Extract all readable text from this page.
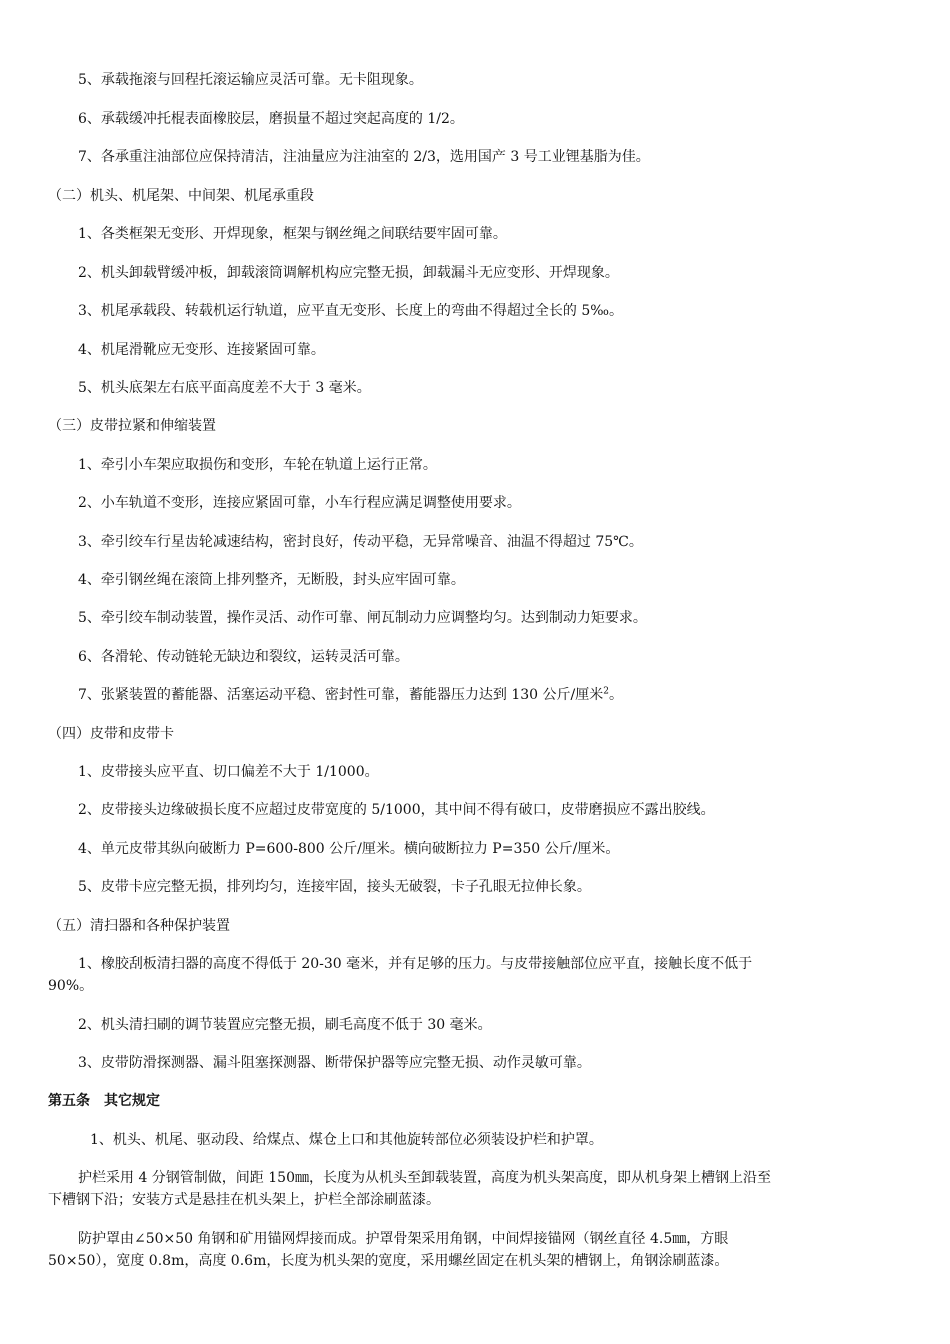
5、承载拖滚与回程托滚运输应灵活可靠。无卡阻现象。
6、承载缓冲托棍表面橡胶层，磨损量不超过突起高度的 1/2。
7、各承重注油部位应保持清洁，注油量应为注油室的 2/3，选用国产 3 号工业锂基脂为佳。
（二）机头、机尾架、中间架、机尾承重段
1、各类框架无变形、开焊现象，框架与钢丝绳之间联结要牢固可靠。
2、机头卸载臂缓冲板，卸载滚筒调解机构应完整无损，卸载漏斗无应变形、开焊现象。
3、机尾承载段、转载机运行轨道，应平直无变形、长度上的弯曲不得超过全长的 5‰。
4、机尾滑靴应无变形、连接紧固可靠。
5、机头底架左右底平面高度差不大于 3 毫米。
（三）皮带拉紧和伸缩装置
1、牵引小车架应取损伤和变形，车轮在轨道上运行正常。
2、小车轨道不变形，连接应紧固可靠，小车行程应满足调整使用要求。
3、牵引绞车行星齿轮减速结构，密封良好，传动平稳，无异常噪音、油温不得超过 75℃。
4、牵引钢丝绳在滚筒上排列整齐，无断股，封头应牢固可靠。
5、牵引绞车制动装置，操作灵活、动作可靠、闸瓦制动力应调整均匀。达到制动力矩要求。
6、各滑轮、传动链轮无缺边和裂纹，运转灵活可靠。
7、张紧装置的蓄能器、活塞运动平稳、密封性可靠，蓄能器压力达到 130 公斤/厘米$^2$。
（四）皮带和皮带卡
1、皮带接头应平直、切口偏差不大于 1/1000。
2、皮带接头边缘破损长度不应超过皮带宽度的 5/1000，其中间不得有破口，皮带磨损应不露出胶线。
4、单元皮带其纵向破断力 P=600-800 公斤/厘米。横向破断拉力 P=350 公斤/厘米。
5、皮带卡应完整无损，排列均匀，连接牢固，接头无破裂，卡子孔眼无拉伸长象。
（五）清扫器和各种保护装置
1、橡胶刮板清扫器的高度不得低于 20-30 毫米，并有足够的压力。与皮带接触部位应平直，接触长度不低于
90%。
2、机头清扫刷的调节装置应完整无损，刷毛高度不低于 30 毫米。
3、皮带防滑探测器、漏斗阻塞探测器、断带保护器等应完整无损、动作灵敏可靠。
第五条　其它规定
1、机头、机尾、驱动段、给煤点、煤仓上口和其他旋转部位必须装设护栏和护罩。
护栏采用 4 分钢管制做，间距 150㎜，长度为从机头至卸载装置，高度为机头架高度，即从机身架上槽钢上沿至
下槽钢下沿；安装方式是悬挂在机头架上，护栏全部涂刷蓝漆。
防护罩由∠50×50 角钢和矿用锚网焊接而成。护罩骨架采用角钢，中间焊接锚网（钢丝直径 4.5㎜，方眼
50×50），宽度 0.8m，高度 0.6m，长度为机头架的宽度，采用螺丝固定在机头架的槽钢上，角钢涂刷蓝漆。
